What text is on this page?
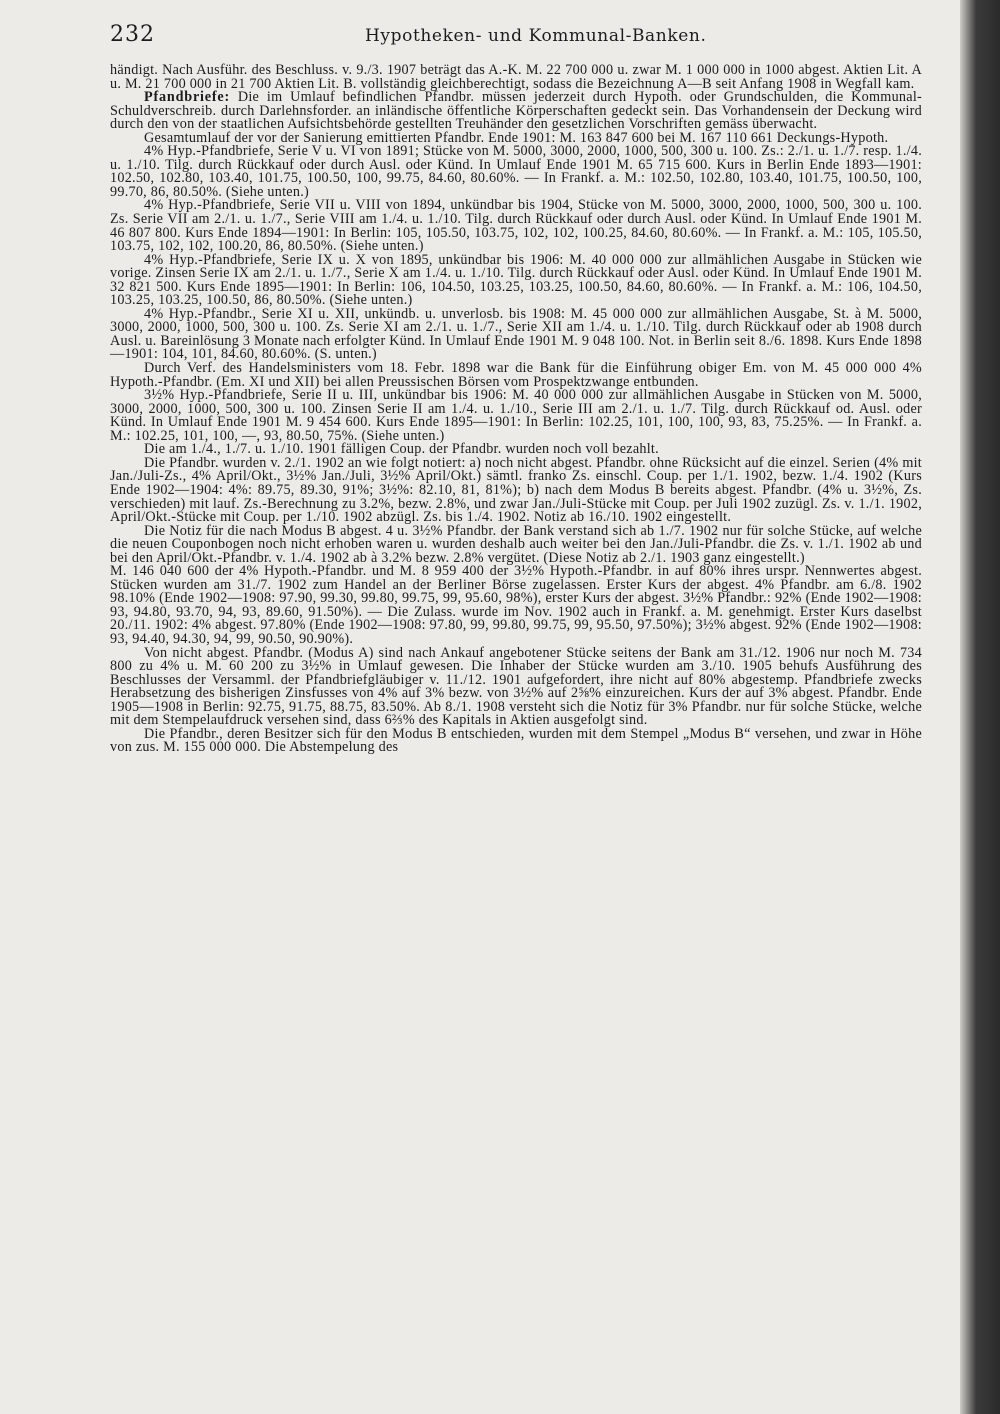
232	Hypotheken- und Kommunal-Banken.

händigt. Nach Ausführ. des Beschluss. v. 9./3. 1907 beträgt das A.-K. M. 22 700 000 u. zwar M. 1 000 000 in 1000 abgest. Aktien Lit. A u. M. 21 700 000 in 21 700 Aktien Lit. B. vollständig gleichberechtigt, sodass die Bezeichnung A—B seit Anfang 1908 in Wegfall kam.

Pfandbriefe: Die im Umlauf befindlichen Pfandbr. müssen jederzeit durch Hypoth. oder Grundschulden, die Kommunal-Schuldverschreib. durch Darlehnsforder. an inländische öffentliche Körperschaften gedeckt sein. Das Vorhandensein der Deckung wird durch den von der staatlichen Aufsichtsbehörde gestellten Treuhänder den gesetzlichen Vorschriften gemäss überwacht.

Gesamtumlauf der vor der Sanierung emittierten Pfandbr. Ende 1901: M. 163 847 600 bei M. 167 110 661 Deckungs-Hypoth.

4% Hyp.-Pfandbriefe, Serie V u. VI von 1891; Stücke von M. 5000, 3000, 2000, 1000, 500, 300 u. 100. Zs.: 2./1. u. 1./7. resp. 1./4. u. 1./10. Tilg. durch Rückkauf oder durch Ausl. oder Künd. In Umlauf Ende 1901 M. 65 715 600. Kurs in Berlin Ende 1893—1901: 102.50, 102.80, 103.40, 101.75, 100.50, 100, 99.75, 84.60, 80.60%. — In Frankf. a. M.: 102.50, 102.80, 103.40, 101.75, 100.50, 100, 99.70, 86, 80.50%. (Siehe unten.)

4% Hyp.-Pfandbriefe, Serie VII u. VIII von 1894, unkündbar bis 1904, Stücke von M. 5000, 3000, 2000, 1000, 500, 300 u. 100. Zs. Serie VII am 2./1. u. 1./7., Serie VIII am 1./4. u. 1./10. Tilg. durch Rückkauf oder durch Ausl. oder Künd. In Umlauf Ende 1901 M. 46 807 800. Kurs Ende 1894—1901: In Berlin: 105, 105.50, 103.75, 102, 102, 100.25, 84.60, 80.60%. — In Frankf. a. M.: 105, 105.50, 103.75, 102, 102, 100.20, 86, 80.50%. (Siehe unten.)

4% Hyp.-Pfandbriefe, Serie IX u. X von 1895, unkündbar bis 1906: M. 40 000 000 zur allmählichen Ausgabe in Stücken wie vorige. Zinsen Serie IX am 2./1. u. 1./7., Serie X am 1./4. u. 1./10. Tilg. durch Rückkauf oder Ausl. oder Künd. In Umlauf Ende 1901 M. 32 821 500. Kurs Ende 1895—1901: In Berlin: 106, 104.50, 103.25, 103.25, 100.50, 84.60, 80.60%. — In Frankf. a. M.: 106, 104.50, 103.25, 103.25, 100.50, 86, 80.50%. (Siehe unten.)

4% Hyp.-Pfandbr., Serie XI u. XII, unkündb. u. unverlosb. bis 1908: M. 45 000 000 zur allmählichen Ausgabe, St. à M. 5000, 3000, 2000, 1000, 500, 300 u. 100. Zs. Serie XI am 2./1. u. 1./7., Serie XII am 1./4. u. 1./10. Tilg. durch Rückkauf oder ab 1908 durch Ausl. u. Bareinlösung 3 Monate nach erfolgter Künd. In Umlauf Ende 1901 M. 9 048 100. Not. in Berlin seit 8./6. 1898. Kurs Ende 1898—1901: 104, 101, 84.60, 80.60%. (S. unten.)

Durch Verf. des Handelsministers vom 18. Febr. 1898 war die Bank für die Einführung obiger Em. von M. 45 000 000 4% Hypoth.-Pfandbr. (Em. XI und XII) bei allen Preussischen Börsen vom Prospektzwange entbunden.

3½% Hyp.-Pfandbriefe, Serie II u. III, unkündbar bis 1906: M. 40 000 000 zur allmählichen Ausgabe in Stücken von M. 5000, 3000, 2000, 1000, 500, 300 u. 100. Zinsen Serie II am 1./4. u. 1./10., Serie III am 2./1. u. 1./7. Tilg. durch Rückkauf od. Ausl. oder Künd. In Umlauf Ende 1901 M. 9 454 600. Kurs Ende 1895—1901: In Berlin: 102.25, 101, 100, 100, 93, 83, 75.25%. — In Frankf. a. M.: 102.25, 101, 100, —, 93, 80.50, 75%. (Siehe unten.)

Die am 1./4., 1./7. u. 1./10. 1901 fälligen Coup. der Pfandbr. wurden noch voll bezahlt.

Die Pfandbr. wurden v. 2./1. 1902 an wie folgt notiert: a) noch nicht abgest. Pfandbr. ohne Rücksicht auf die einzel. Serien (4% mit Jan./Juli-Zs., 4% April/Okt., 3½% Jan./Juli, 3½% April/Okt.) sämtl. franko Zs. einschl. Coup. per 1./1. 1902, bezw. 1./4. 1902 (Kurs Ende 1902—1904: 4%: 89.75, 89.30, 91%; 3½%: 82.10, 81, 81%); b) nach dem Modus B bereits abgest. Pfandbr. (4% u. 3½%, Zs. verschieden) mit lauf. Zs.-Berechnung zu 3.2%, bezw. 2.8%, und zwar Jan./Juli-Stücke mit Coup. per Juli 1902 zuzügl. Zs. v. 1./1. 1902, April/Okt.-Stücke mit Coup. per 1./10. 1902 abzügl. Zs. bis 1./4. 1902. Notiz ab 16./10. 1902 eingestellt.

Die Notiz für die nach Modus B abgest. 4 u. 3½% Pfandbr. der Bank verstand sich ab 1./7. 1902 nur für solche Stücke, auf welche die neuen Couponbogen noch nicht erhoben waren u. wurden deshalb auch weiter bei den Jan./Juli-Pfandbr. die Zs. v. 1./1. 1902 ab und bei den April/Okt.-Pfandbr. v. 1./4. 1902 ab à 3.2% bezw. 2.8% vergütet. (Diese Notiz ab 2./1. 1903 ganz eingestellt.)

M. 146 040 600 der 4% Hypoth.-Pfandbr. und M. 8 959 400 der 3½% Hypoth.-Pfandbr. in auf 80% ihres urspr. Nennwertes abgest. Stücken wurden am 31./7. 1902 zum Handel an der Berliner Börse zugelassen. Erster Kurs der abgest. 4% Pfandbr. am 6./8. 1902 98.10% (Ende 1902—1908: 97.90, 99.30, 99.80, 99.75, 99, 95.60, 98%), erster Kurs der abgest. 3½% Pfandbr.: 92% (Ende 1902—1908: 93, 94.80, 93.70, 94, 93, 89.60, 91.50%). — Die Zulass. wurde im Nov. 1902 auch in Frankf. a. M. genehmigt. Erster Kurs daselbst 20./11. 1902: 4% abgest. 97.80% (Ende 1902—1908: 97.80, 99, 99.80, 99.75, 99, 95.50, 97.50%); 3½% abgest. 92% (Ende 1902—1908: 93, 94.40, 94.30, 94, 99, 90.50, 90.90%).

Von nicht abgest. Pfandbr. (Modus A) sind nach Ankauf angebotener Stücke seitens der Bank am 31./12. 1906 nur noch M. 734 800 zu 4% u. M. 60 200 zu 3½% in Umlauf gewesen. Die Inhaber der Stücke wurden am 3./10. 1905 behufs Ausführung des Beschlusses der Versamml. der Pfandbriefgläubiger v. 11./12. 1901 aufgefordert, ihre nicht auf 80% abgestemp. Pfandbriefe zwecks Herabsetzung des bisherigen Zinsfusses von 4% auf 3% bezw. von 3½% auf 2⅝% einzureichen. Kurs der auf 3% abgest. Pfandbr. Ende 1905—1908 in Berlin: 92.75, 91.75, 88.75, 83.50%. Ab 8./1. 1908 versteht sich die Notiz für 3% Pfandbr. nur für solche Stücke, welche mit dem Stempelaufdruck versehen sind, dass 6⅔% des Kapitals in Aktien ausgefolgt sind.

Die Pfandbr., deren Besitzer sich für den Modus B entschieden, wurden mit dem Stempel „Modus B“ versehen, und zwar in Höhe von zus. M. 155 000 000. Die Abstempelung des
